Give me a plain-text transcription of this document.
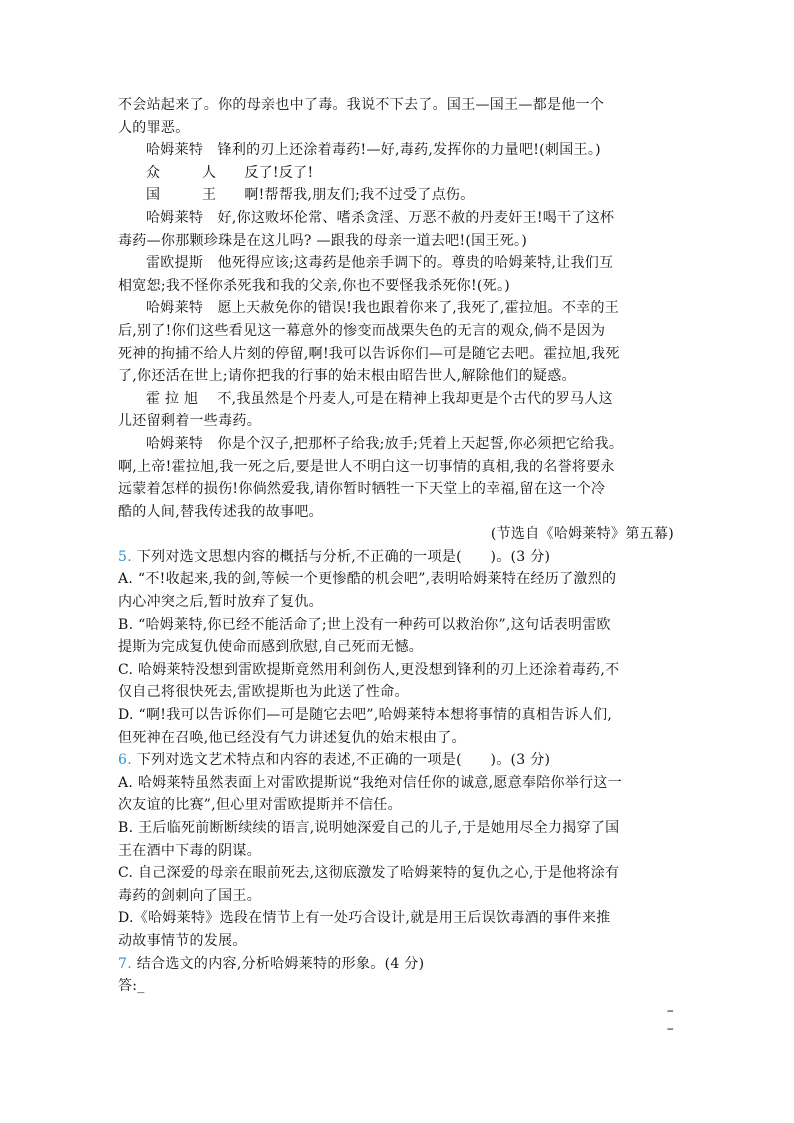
不会站起来了。你的母亲也中了毒。我说不下去了。国王—国王—都是他一个
人的罪恶。
哈姆莱特　 锋利的刃上还涂着毒药!—好,毒药,发挥你的力量吧!(刺国王。)
众　人　 反了!反了!
国　王　 啊!帮帮我,朋友们;我不过受了点伤。
哈姆莱特　 好,你这败坏伦常、嗜杀贪淫、万恶不赦的丹麦奸王!喝干了这杯
毒药—你那颗珍珠是在这儿吗? —跟我的母亲一道去吧!(国王死。)
雷欧提斯　 他死得应该;这毒药是他亲手调下的。尊贵的哈姆莱特,让我们互
相宽恕;我不怪你杀死我和我的父亲,你也不要怪我杀死你!(死。)
哈姆莱特　 愿上天赦免你的错误!我也跟着你来了,我死了,霍拉旭。不幸的王
后,别了!你们这些看见这一幕意外的惨变而战栗失色的无言的观众,倘不是因为
死神的拘捕不给人片刻的停留,啊!我可以告诉你们—可是随它去吧。霍拉旭,我死
了,你还活在世上;请你把我的行事的始末根由昭告世人,解除他们的疑惑。
霍拉旭　 不,我虽然是个丹麦人,可是在精神上我却更是个古代的罗马人这
儿还留剩着一些毒药。
哈姆莱特　 你是个汉子,把那杯子给我;放手;凭着上天起誓,你必须把它给我。
啊,上帝!霍拉旭,我一死之后,要是世人不明白这一切事情的真相,我的名誉将要永
远蒙着怎样的损伤!你倘然爱我,请你暂时牺牲一下天堂上的幸福,留在这一个冷
酷的人间,替我传述我的故事吧。
(节选自《哈姆莱特》第五幕)
5. 下列对选文思想内容的概括与分析,不正确的一项是(　　)。(3 分)
A. “不!收起来,我的剑,等候一个更惨酷的机会吧”,表明哈姆莱特在经历了激烈的
内心冲突之后,暂时放弃了复仇。
B. “哈姆莱特,你已经不能活命了;世上没有一种药可以救治你”,这句话表明雷欧
提斯为完成复仇使命而感到欣慰,自己死而无憾。
C. 哈姆莱特没想到雷欧提斯竟然用利剑伤人,更没想到锋利的刃上还涂着毒药,不
仅自己将很快死去,雷欧提斯也为此送了性命。
D. “啊!我可以告诉你们—可是随它去吧”,哈姆莱特本想将事情的真相告诉人们,
但死神在召唤,他已经没有气力讲述复仇的始末根由了。
6. 下列对选文艺术特点和内容的表述,不正确的一项是(　　)。(3 分)
A. 哈姆莱特虽然表面上对雷欧提斯说“我绝对信任你的诚意,愿意奉陪你举行这一
次友谊的比赛”,但心里对雷欧提斯并不信任。
B. 王后临死前断断续续的语言,说明她深爱自己的儿子,于是她用尽全力揭穿了国
王在酒中下毒的阴谋。
C. 自己深爱的母亲在眼前死去,这彻底激发了哈姆莱特的复仇之心,于是他将涂有
毒药的剑刺向了国王。
D.《哈姆莱特》选段在情节上有一处巧合设计,就是用王后误饮毒酒的事件来推
动故事情节的发展。
7. 结合选文的内容,分析哈姆莱特的形象。(4 分)
答:_
–
–
